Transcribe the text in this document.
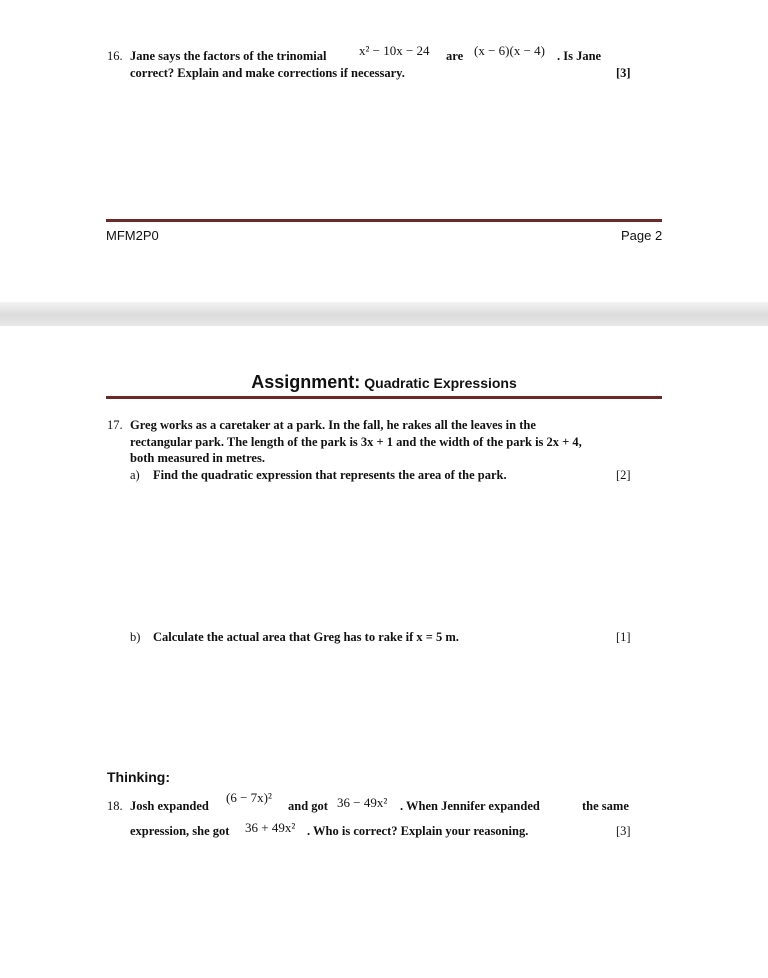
16. Jane says the factors of the trinomial	x² − 10x − 24 are (x − 6)(x − 4) . Is Jane
correct? Explain and make corrections if necessary.	[3]
MFM2P0	Page 2
Assignment: Quadratic Expressions
17. Greg works as a caretaker at a park. In the fall, he rakes all the leaves in the
rectangular park. The length of the park is 3x + 1 and the width of the park is 2x + 4,
both measured in metres.
a) Find the quadratic expression that represents the area of the park.	[2]
b) Calculate the actual area that Greg has to rake if x = 5 m.	[1]
Thinking:
18. Josh expanded
(6 − 7x)²
and got 36 − 49x² . When Jennifer expanded	the same
expression, she got 36 + 49x² . Who is correct? Explain your reasoning.	[3]
